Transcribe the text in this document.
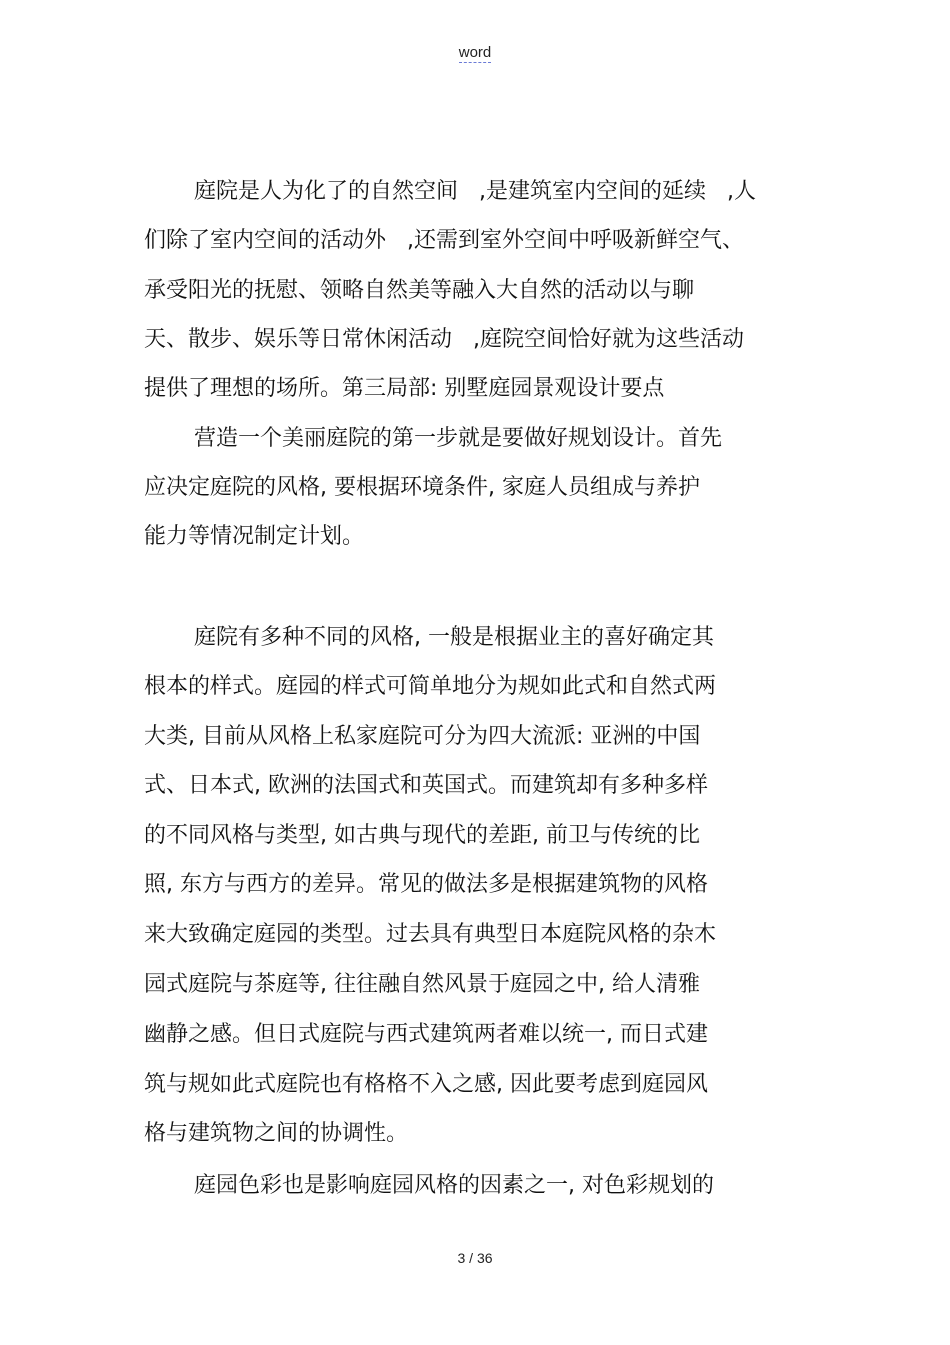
word
庭院是人为化了的自然空间   ,是建筑室内空间的延续   ,人
们除了室内空间的活动外   ,还需到室外空间中呼吸新鲜空气、
承受阳光的抚慰、领略自然美等融入大自然的活动以与聊
天、散步、娱乐等日常休闲活动   ,庭院空间恰好就为这些活动
提供了理想的场所。第三局部: 别墅庭园景观设计要点
营造一个美丽庭院的第一步就是要做好规划设计。首先
应决定庭院的风格, 要根据环境条件, 家庭人员组成与养护
能力等情况制定计划。
庭院有多种不同的风格, 一般是根据业主的喜好确定其
根本的样式。庭园的样式可简单地分为规如此式和自然式两
大类, 目前从风格上私家庭院可分为四大流派: 亚洲的中国
式、日本式, 欧洲的法国式和英国式。而建筑却有多种多样
的不同风格与类型, 如古典与现代的差距, 前卫与传统的比
照, 东方与西方的差异。常见的做法多是根据建筑物的风格
来大致确定庭园的类型。过去具有典型日本庭院风格的杂木
园式庭院与茶庭等, 往往融自然风景于庭园之中, 给人清雅
幽静之感。但日式庭院与西式建筑两者难以统一, 而日式建
筑与规如此式庭院也有格格不入之感, 因此要考虑到庭园风
格与建筑物之间的协调性。
庭园色彩也是影响庭园风格的因素之一, 对色彩规划的
3 / 36
